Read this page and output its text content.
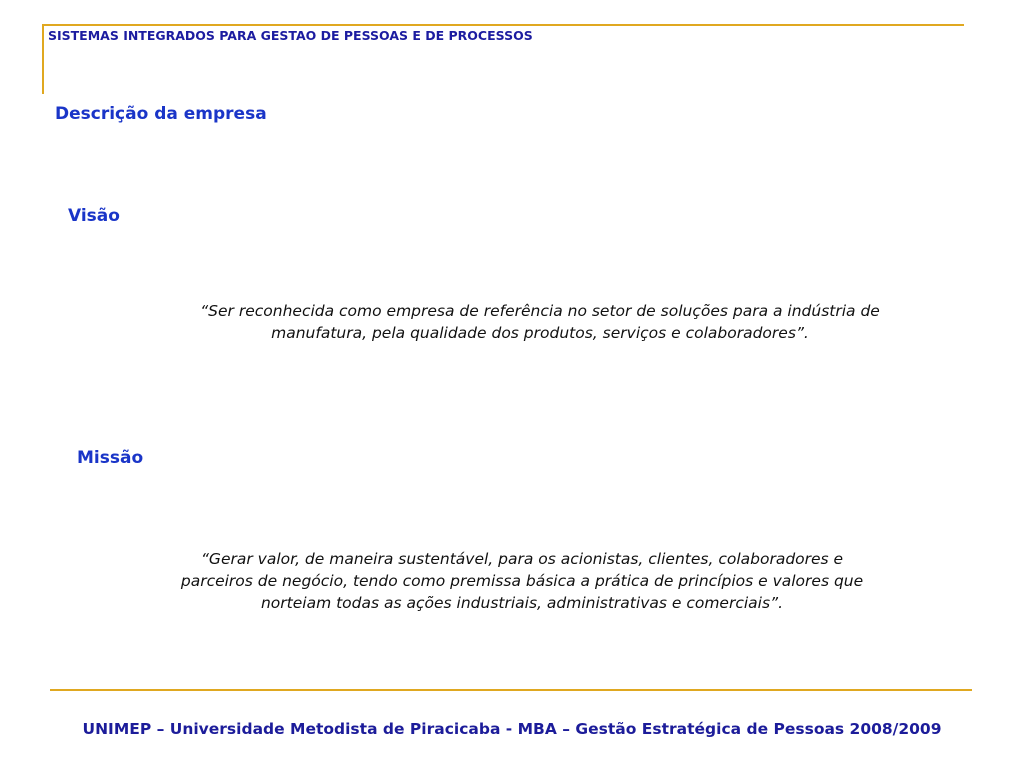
SISTEMAS INTEGRADOS PARA GESTAO DE PESSOAS E DE PROCESSOS
Descrição da empresa
Visão

“Ser reconhecida como empresa de referência no setor de soluções para a indústria de
manufatura, pela qualidade dos produtos, serviços e colaboradores”.

Missão

“Gerar valor, de maneira sustentável, para os acionistas, clientes, colaboradores e
parceiros de negócio, tendo como premissa básica a prática de princípios e valores que
norteiam todas as ações industriais, administrativas e comerciais”.

UNIMEP – Universidade Metodista de Piracicaba - MBA – Gestão Estratégica de Pessoas 2008/2009
